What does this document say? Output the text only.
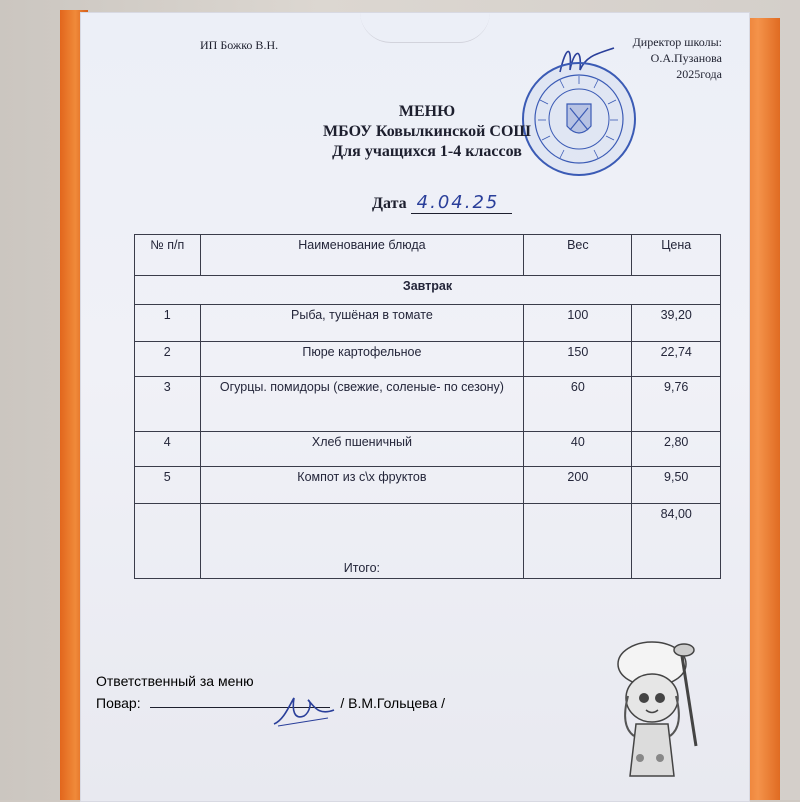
ИП Божко В.Н.	Директор школы:
О.А.Пузанова
2025года
МЕНЮ
МБОУ Ковылкинской СОШ
Для учащихся 1-4 классов
Дата 4.04.25
№ п/п	Наименование блюда	Вес	Цена
Завтрак			
1	Рыба, тушёная в томате	100	39,20
2	Пюре картофельное	150	22,74
3	Огурцы. помидоры (свежие, соленые- по сезону)	60	9,76
4	Хлеб пшеничный	40	2,80
5	Компот из с\х фруктов	200	9,50
	Итого:		84,00
Ответственный за меню
Повар:	/ В.М.Гольцева /
